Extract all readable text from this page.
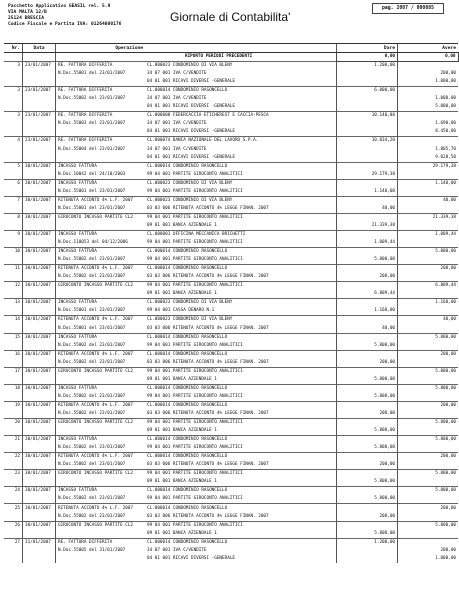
Pacchetto Applicativo GEASIL rel. 5.9
VIA MALTA 12/B
25124 BRESCIA
Codice Fiscale e Partita IVA: 01264080176
Giornale di Contabilita'
pag. 2007 / 000085
Nr.	Data	Operazione		Dare	Avere
			RIPORTO PERIODI PRECEDENTI	0,00	0,00
3	23/01/2007	RE. FATTURA DIFFERITA	CL.000023 CONDOMINIO DI VIA BLENY	1.200,00	
		N.Doc.55001 del 23/01/2007	34 07 001 IVA C/VENDITE		200,00
			04 01 001 RICAVI DIVERSI -GENERALE		1.000,00
3	23/01/2007	RE. FATTURA DIFFERITA	CL.000014 CONDOMINIO RASONCELLO	6.000,00	
		N.Doc.55002 del 23/01/2007	34 07 001 IVA C/VENDITE		1.000,00
			04 01 001 RICAVI DIVERSI -GENERALE		5.000,00
3	23/01/2007	RE. FATTURA DIFFERITA	CL.000008 FEDERCACCIA ETICHEREST E CACCIA-PESCA	10.140,00	
		N.Doc.55003 del 23/01/2007	34 07 001 IVA C/VENDITE		1.690,00
			04 01 001 RICAVI DIVERSI -GENERALE		8.450,00
4	23/01/2007	RE. FATTURA DIFFERITA	CL.000074 BANCA NAZIONALE DEL LAVORO S.P.A.	10.834,20	
		N.Doc.55004 del 23/01/2007	34 07 001 IVA C/VENDITE		1.805,70
			04 01 001 RICAVI DIVERSI -GENERALE		9.028,50
5	30/01/2007	INCASSO FATTURA	CL.000014 CONDOMINIO RASONCELLO		29.179,38
		N.Doc.10042 del 24/10/2003	99 04 001 PARTITE GIROCONTO ANALITICI	29.179,38	
6	30/01/2007	INCASSO FATTURA	CL.000023 CONDOMINIO DI VIA BLENY		1.140,00
		N.Doc.55001 del 23/01/2007	99 04 001 PARTITE GIROCONTO ANALITICI	1.140,00	
7	30/01/2007	RITENUTA ACCONTO 4% L.F. 2007	CL.000023 CONDOMINIO DI VIA BLENY		40,00
		N.Doc.55001 del 23/01/2007	03 03 006 RITENUTA ACCONTO 4% LEGGE FINAN. 2007	40,00	
8	30/01/2007	GIROCONTO INCASSO PARTITE CL2	99 04 001 PARTITE GIROCONTO ANALITICI		21.339,38
			09 01 001 BANCA AZIENDALE 1	21.339,38	
9	30/01/2007	INCASSO FATTURA	CL.000001 OFFICINA MECCANICA BRICHETTI		1.009,44
		N.Doc.110053 del 04/12/2006	99 04 001 PARTITE GIROCONTO ANALITICI	1.009,44	
10	30/01/2007	INCASSO FATTURA	CL.000014 CONDOMINIO RASONCELLO		5.800,00
		N.Doc.55002 del 23/01/2007	99 04 001 PARTITE GIROCONTO ANALITICI	5.800,00	
11	30/01/2007	RITENUTA ACCONTO 4% L.F. 2007	CL.000014 CONDOMINIO RASONCELLO		200,00
		N.Doc.55002 del 23/01/2007	03 03 006 RITENUTA ACCONTO 4% LEGGE FINAN. 2007	200,00	
12	30/01/2007	GIROCONTO INCASSO PARTITE CL2	99 04 001 PARTITE GIROCONTO ANALITICI		6.809,44
			09 01 001 BANCA AZIENDALE 1	6.809,44	
13	30/01/2007	INCASSO FATTURA	CL.000023 CONDOMINIO DI VIA BLENY		1.160,00
		N.Doc.55001 del 23/01/2007	99 04 001 CASSA DENARO N.1	1.160,00	
14	30/01/2007	RITENUTA ACCONTO 4% L.F. 2007	CL.000023 CONDOMINIO DI VIA BLENY		40,00
		N.Doc.55001 del 23/01/2007	03 03 006 RITENUTA ACCONTO 4% LEGGE FINAN. 2007	40,00	
15	30/01/2007	INCASSO FATTURA	CL.000014 CONDOMINIO RASONCELLO		5.800,00
		N.Doc.55002 del 23/01/2007	99 04 001 PARTITE GIROCONTO ANALITICI	5.800,00	
16	30/01/2007	RITENUTA ACCONTO 4% L.F. 2007	CL.000014 CONDOMINIO RASONCELLO		200,00
		N.Doc.55002 del 23/01/2007	03 03 006 RITENUTA ACCONTO 4% LEGGE FINAN. 2007	200,00	
17	30/01/2007	GIROCONTO INCASSO PARTITE CL2	99 04 001 PARTITE GIROCONTO ANALITICI		5.800,00
			09 01 001 BANCA AZIENDALE 1	5.800,00	
18	30/01/2007	INCASSO FATTURA	CL.000014 CONDOMINIO RASONCELLO		5.800,00
		N.Doc.55002 del 23/01/2007	99 04 001 PARTITE GIROCONTO ANALITICI	5.800,00	
19	30/01/2007	RITENUTA ACCONTO 4% L.F. 2007	CL.000014 CONDOMINIO RASONCELLO		200,00
		N.Doc.55002 del 23/01/2007	03 03 006 RITENUTA ACCONTO 4% LEGGE FINAN. 2007	200,00	
20	30/01/2007	GIROCONTO INCASSO PARTITE CL2	99 04 001 PARTITE GIROCONTO ANALITICI		5.800,00
			09 01 001 BANCA AZIENDALE 1	5.800,00	
21	30/01/2007	INCASSO FATTURA	CL.000014 CONDOMINIO RASONCELLO		5.800,00
		N.Doc.55002 del 23/01/2007	99 04 001 PARTITE GIROCONTO ANALITICI	5.800,00	
22	30/01/2007	RITENUTA ACCONTO 4% L.F. 2007	CL.000014 CONDOMINIO RASONCELLO		200,00
		N.Doc.55002 del 23/01/2007	03 03 006 RITENUTA ACCONTO 4% LEGGE FINAN. 2007	200,00	
23	30/01/2007	GIROCONTO INCASSO PARTITE CL2	99 04 001 PARTITE GIROCONTO ANALITICI		5.800,00
			09 01 001 BANCA AZIENDALE 1	5.800,00	
24	30/01/2007	INCASSO FATTURA	CL.000014 CONDOMINIO RASONCELLO		5.800,00
		N.Doc.55002 del 23/01/2007	99 04 001 PARTITE GIROCONTO ANALITICI	5.800,00	
25	30/01/2007	RITENUTA ACCONTO 4% L.F. 2007	CL.000014 CONDOMINIO RASONCELLO		200,00
		N.Doc.55002 del 23/01/2007	03 03 006 RITENUTA ACCONTO 4% LEGGE FINAN. 2007	200,00	
26	30/01/2007	GIROCONTO INCASSO PARTITE CL2	99 04 001 PARTITE GIROCONTO ANALITICI		5.800,00
			09 01 001 BANCA AZIENDALE 1	5.800,00	
27	31/01/2007	RE. FATTURA DIFFERITA	CL.000014 CONDOMINIO RASONCELLO	1.200,00	
		N.Doc.55005 del 31/01/2007	34 07 001 IVA C/VENDITE		200,00
			04 01 001 RICAVI DIVERSI -GENERALE		1.000,00
